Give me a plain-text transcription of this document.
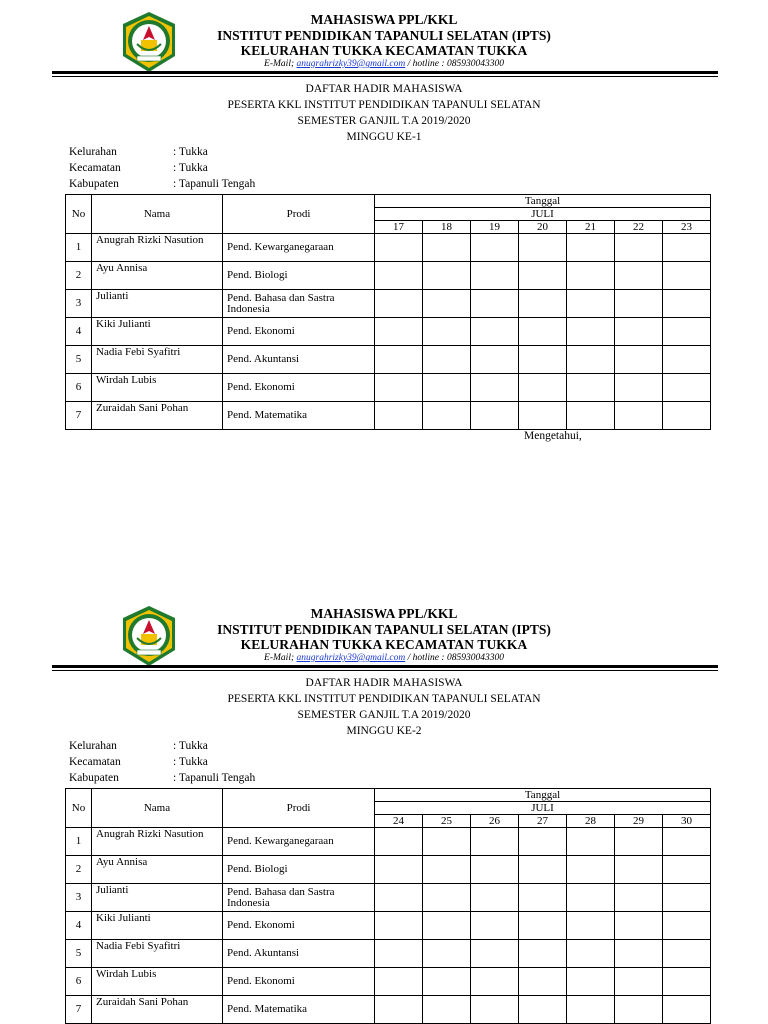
MAHASISWA PPL/KKL
INSTITUT PENDIDIKAN TAPANULI SELATAN (IPTS)
KELURAHAN TUKKA KECAMATAN TUKKA
E-Mail; anugrahrizky39@gmail.com / hotline : 085930043300
DAFTAR HADIR MAHASISWA
PESERTA KKL INSTITUT PENDIDIKAN TAPANULI SELATAN
SEMESTER GANJIL T.A 2019/2020
MINGGU KE-1
Kelurahan	: Tukka
Kecamatan	: Tukka
Kabupaten	: Tapanuli Tengah
No	Nama	Prodi	Tanggal						
			JULI						
			17	18	19	20	21	22	23
1	Anugrah Rizki Nasution	Pend. Kewarganegaraan							
2	Ayu Annisa	Pend. Biologi							
3	Julianti	Pend. Bahasa dan Sastra Indonesia							
4	Kiki Julianti	Pend. Ekonomi							
5	Nadia Febi Syafitri	Pend. Akuntansi							
6	Wirdah Lubis	Pend. Ekonomi							
7	Zuraidah Sani Pohan	Pend. Matematika							
Mengetahui,
MAHASISWA PPL/KKL
INSTITUT PENDIDIKAN TAPANULI SELATAN (IPTS)
KELURAHAN TUKKA KECAMATAN TUKKA
E-Mail; anugrahrizky39@gmail.com / hotline : 085930043300
DAFTAR HADIR MAHASISWA
PESERTA KKL INSTITUT PENDIDIKAN TAPANULI SELATAN
SEMESTER GANJIL T.A 2019/2020
MINGGU KE-2
Kelurahan	: Tukka
Kecamatan	: Tukka
Kabupaten	: Tapanuli Tengah
No	Nama	Prodi	Tanggal						
			JULI						
			24	25	26	27	28	29	30
1	Anugrah Rizki Nasution	Pend. Kewarganegaraan							
2	Ayu Annisa	Pend. Biologi							
3	Julianti	Pend. Bahasa dan Sastra Indonesia							
4	Kiki Julianti	Pend. Ekonomi							
5	Nadia Febi Syafitri	Pend. Akuntansi							
6	Wirdah Lubis	Pend. Ekonomi							
7	Zuraidah Sani Pohan	Pend. Matematika							
